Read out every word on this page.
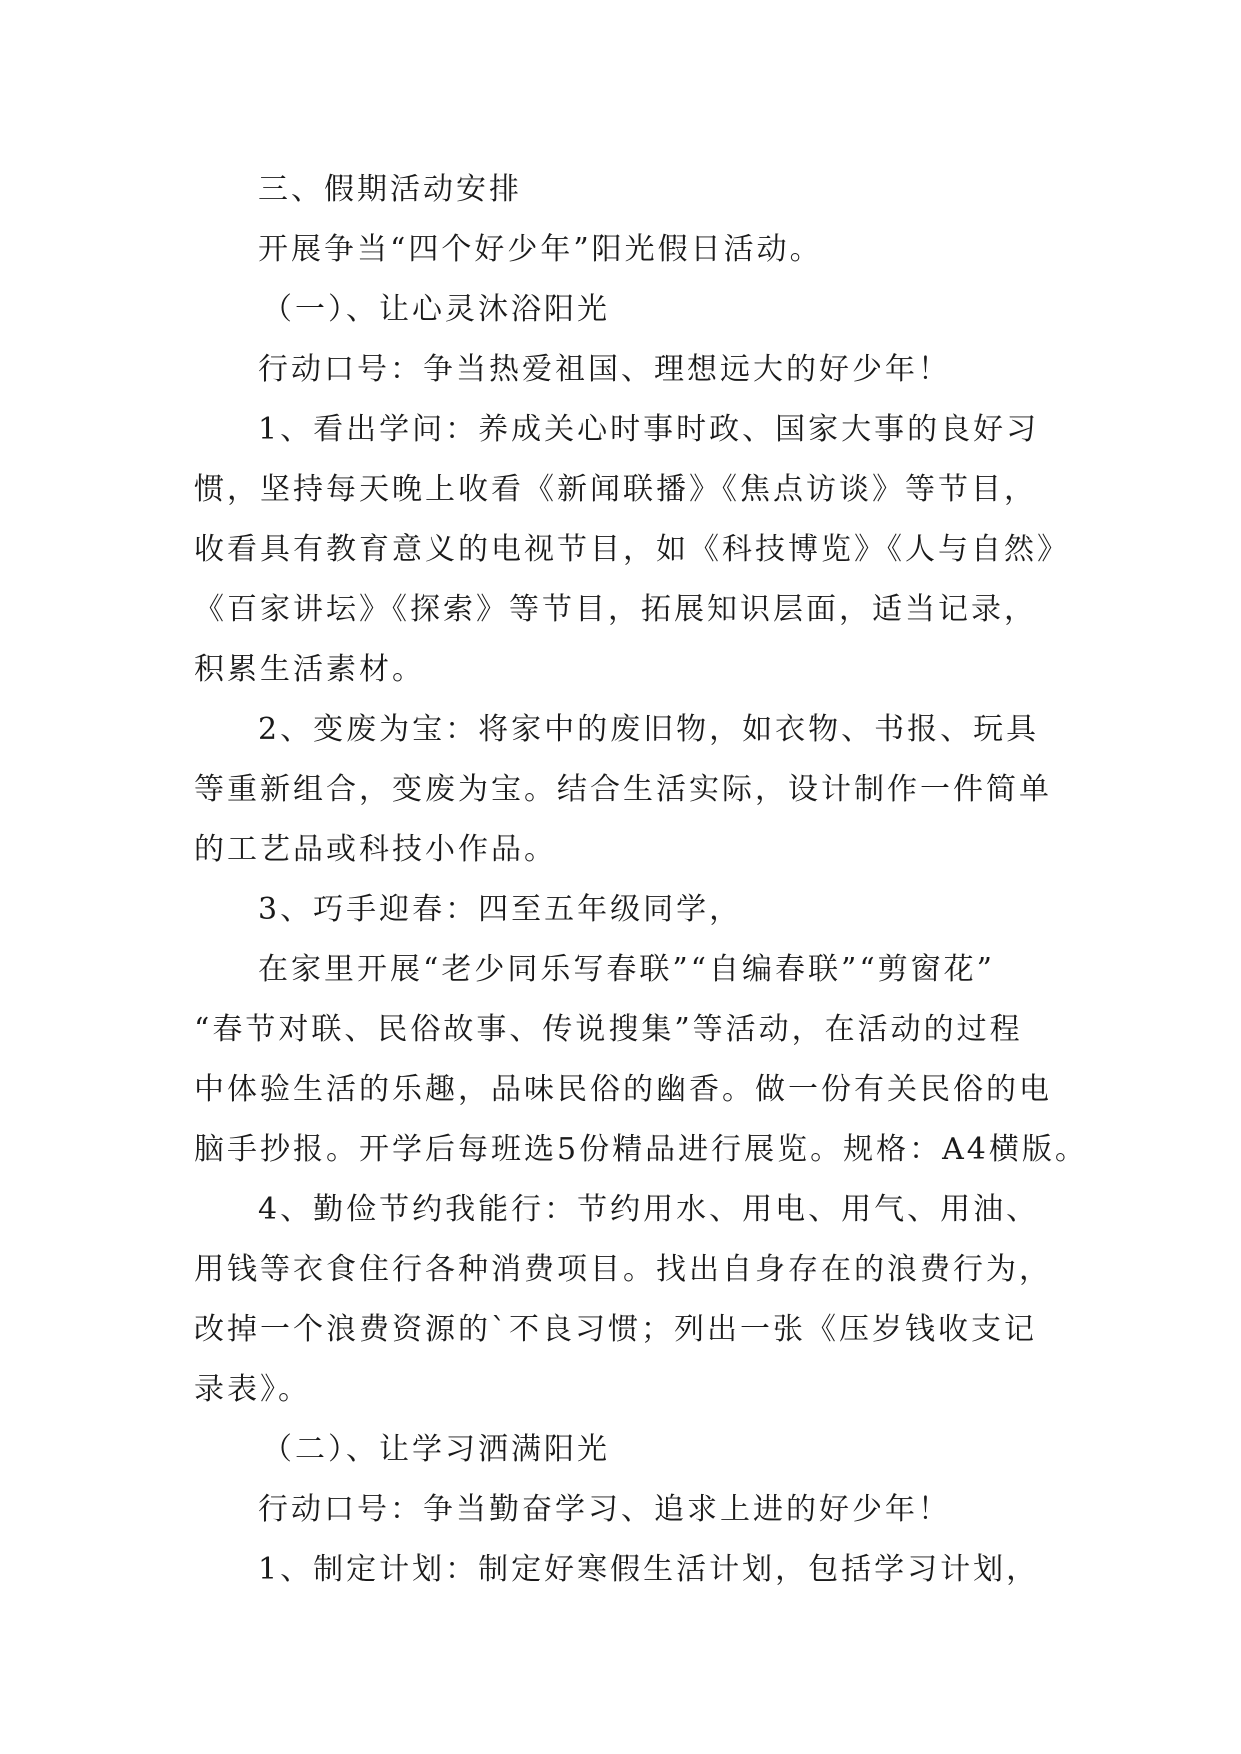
三、假期活动安排
开展争当“四个好少年”阳光假日活动。
（一）、让心灵沐浴阳光
行动口号：争当热爱祖国、理想远大的好少年！
1、看出学问：养成关心时事时政、国家大事的良好习
惯，坚持每天晚上收看《新闻联播》《焦点访谈》等节目，
收看具有教育意义的电视节目，如《科技博览》《人与自然》
《百家讲坛》《探索》等节目，拓展知识层面，适当记录，
积累生活素材。
2、变废为宝：将家中的废旧物，如衣物、书报、玩具
等重新组合，变废为宝。结合生活实际，设计制作一件简单
的工艺品或科技小作品。
3、巧手迎春：四至五年级同学，
在家里开展“老少同乐写春联”“自编春联”“剪窗花”
“春节对联、民俗故事、传说搜集”等活动，在活动的过程
中体验生活的乐趣，品味民俗的幽香。做一份有关民俗的电
脑手抄报。开学后每班选5份精品进行展览。规格：A4横版。
4、勤俭节约我能行：节约用水、用电、用气、用油、
用钱等衣食住行各种消费项目。找出自身存在的浪费行为，
改掉一个浪费资源的`不良习惯；列出一张《压岁钱收支记
录表》。
（二）、让学习洒满阳光
行动口号：争当勤奋学习、追求上进的好少年！
1、制定计划：制定好寒假生活计划，包括学习计划，
